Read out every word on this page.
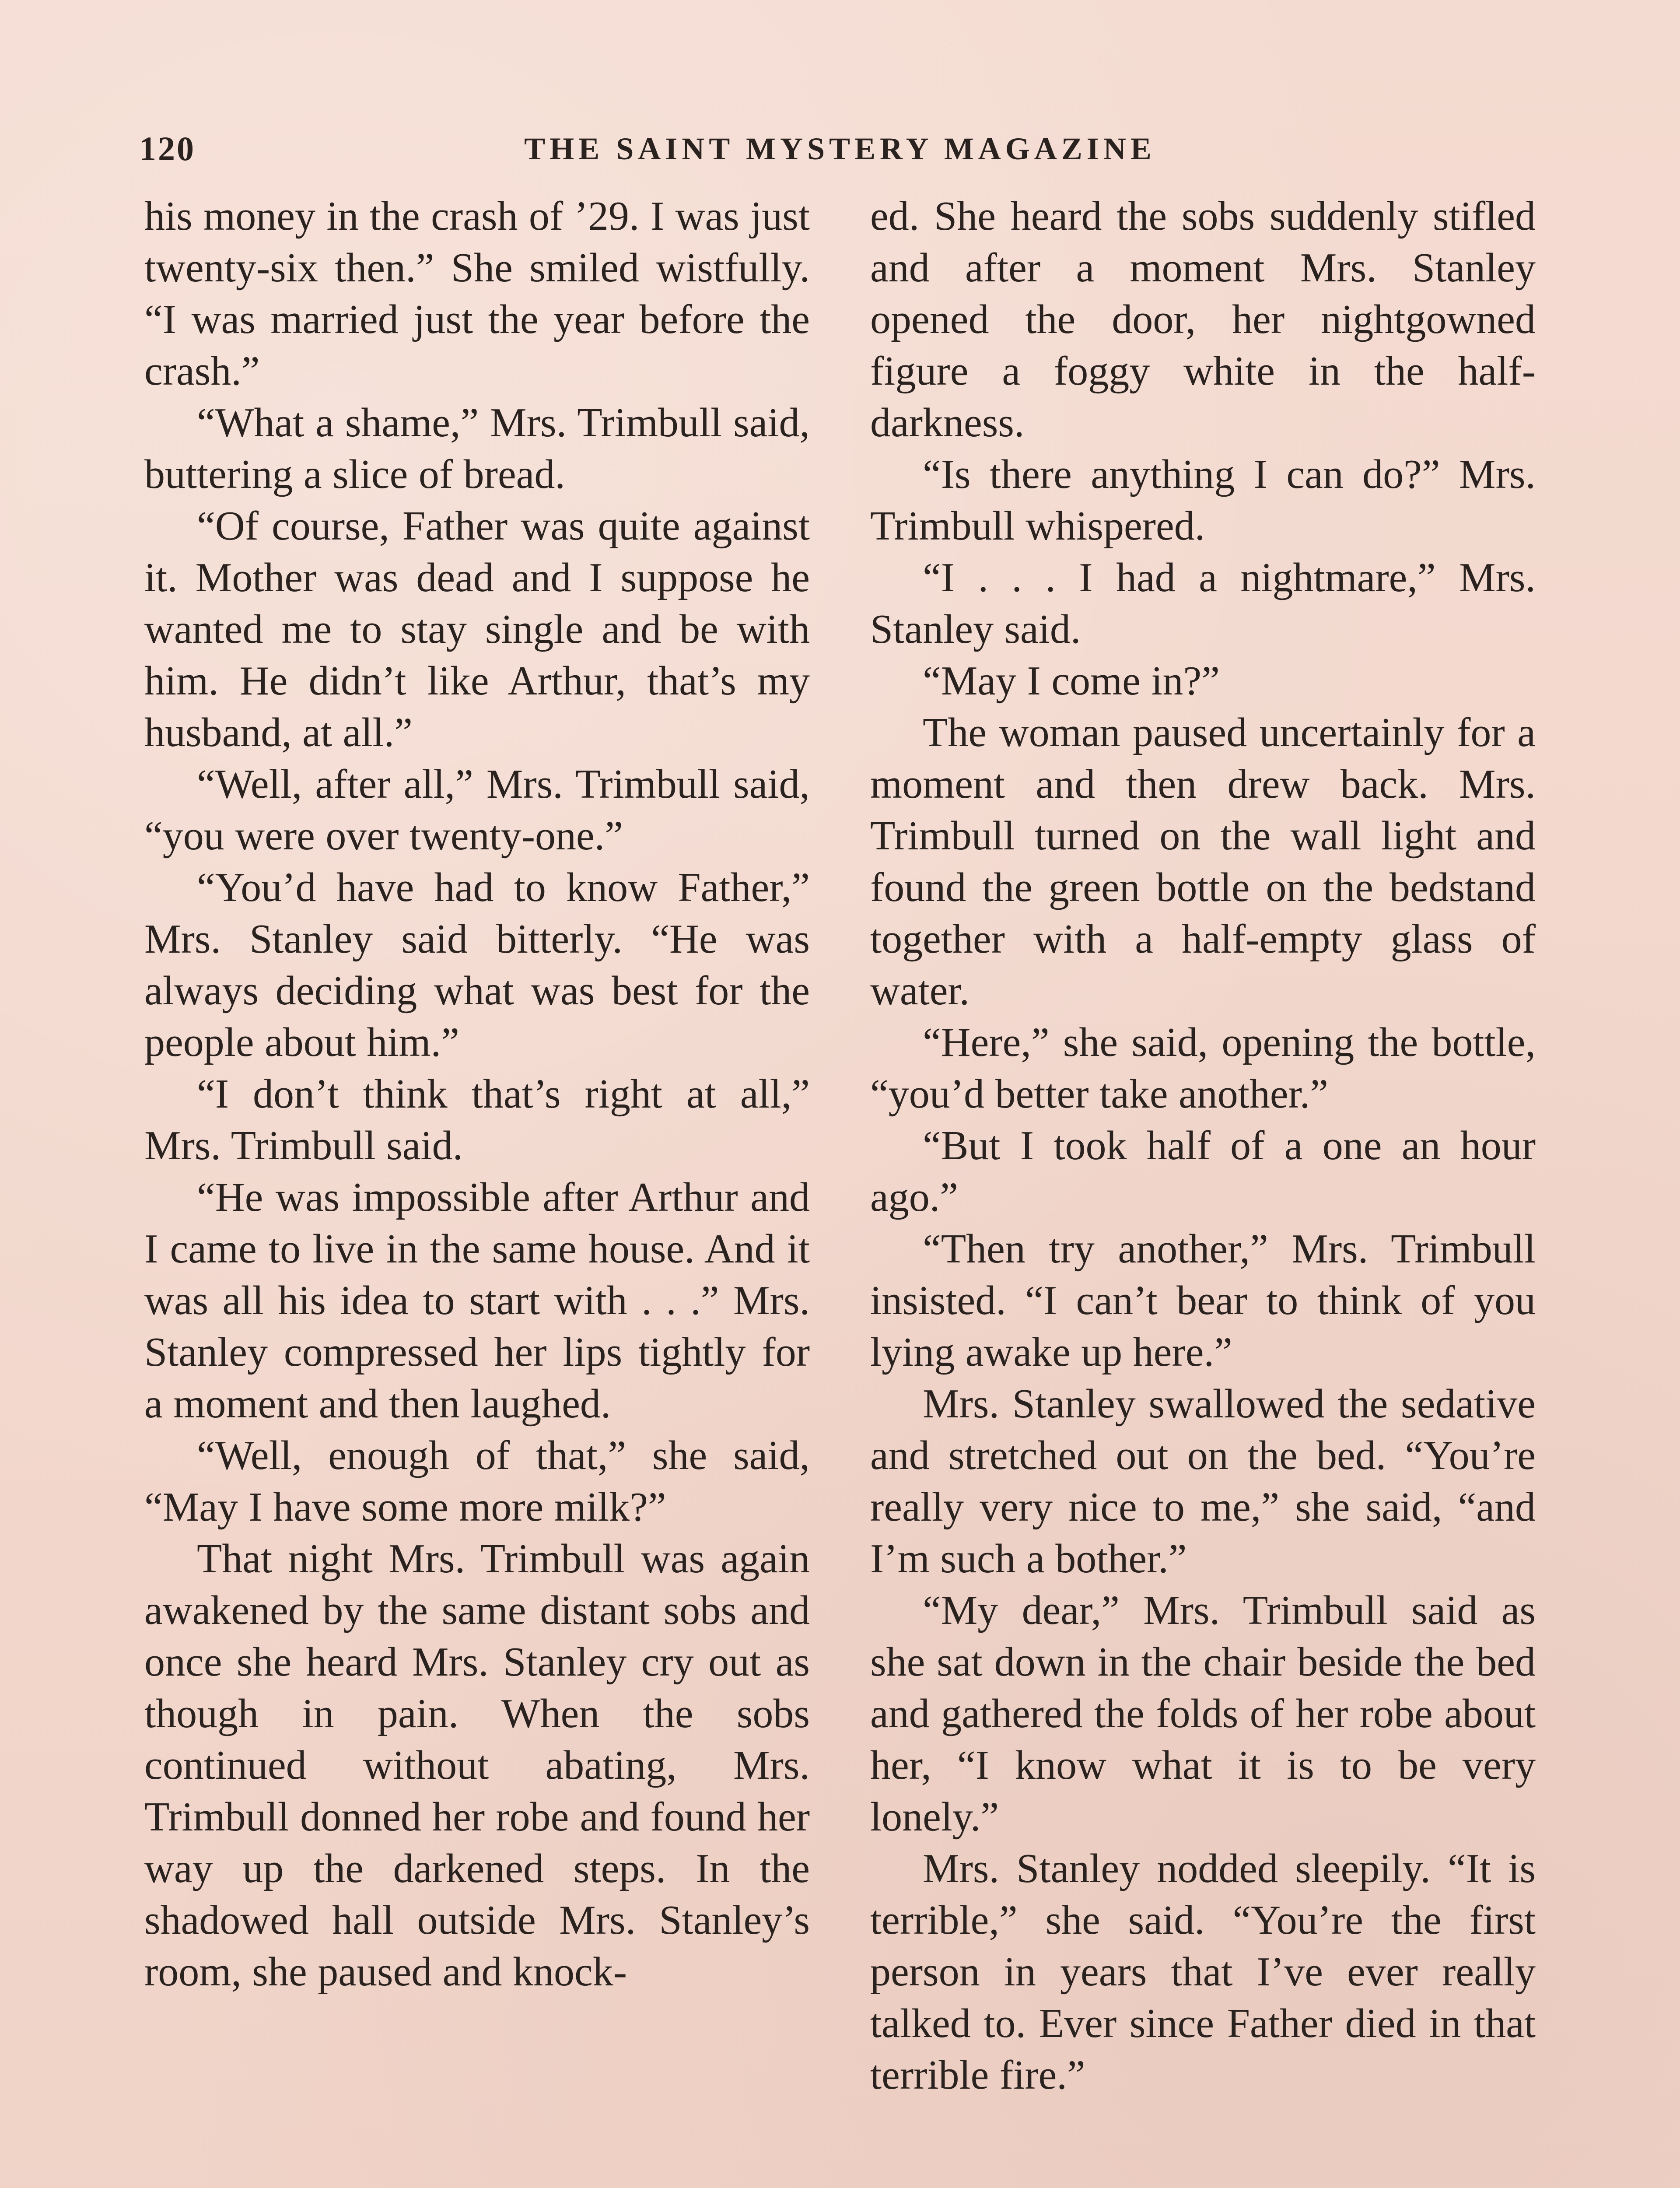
120	THE SAINT MYSTERY MAGAZINE

his money in the crash of ’29. I was just twenty-six then.” She smiled wistfully. “I was married just the year before the crash.”

“What a shame,” Mrs. Trimbull said, buttering a slice of bread.

“Of course, Father was quite against it. Mother was dead and I suppose he wanted me to stay single and be with him. He didn’t like Arthur, that’s my husband, at all.”

“Well, after all,” Mrs. Trimbull said, “you were over twenty-one.”

“You’d have had to know Father,” Mrs. Stanley said bitterly. “He was always deciding what was best for the people about him.”

“I don’t think that’s right at all,” Mrs. Trimbull said.

“He was impossible after Arthur and I came to live in the same house. And it was all his idea to start with . . .” Mrs. Stanley compressed her lips tightly for a moment and then laughed.

“Well, enough of that,” she said, “May I have some more milk?”

That night Mrs. Trimbull was again awakened by the same distant sobs and once she heard Mrs. Stanley cry out as though in pain. When the sobs continued without abating, Mrs. Trimbull donned her robe and found her way up the darkened steps. In the shadowed hall outside Mrs. Stanley’s room, she paused and knock-

ed. She heard the sobs suddenly stifled and after a moment Mrs. Stanley opened the door, her nightgowned figure a foggy white in the half-darkness.

“Is there anything I can do?” Mrs. Trimbull whispered.

“I . . . I had a nightmare,” Mrs. Stanley said.

“May I come in?”

The woman paused uncertainly for a moment and then drew back. Mrs. Trimbull turned on the wall light and found the green bottle on the bedstand together with a half-empty glass of water.

“Here,” she said, opening the bottle, “you’d better take another.”

“But I took half of a one an hour ago.”

“Then try another,” Mrs. Trimbull insisted. “I can’t bear to think of you lying awake up here.”

Mrs. Stanley swallowed the sedative and stretched out on the bed. “You’re really very nice to me,” she said, “and I’m such a bother.”

“My dear,” Mrs. Trimbull said as she sat down in the chair beside the bed and gathered the folds of her robe about her, “I know what it is to be very lonely.”

Mrs. Stanley nodded sleepily. “It is terrible,” she said. “You’re the first person in years that I’ve ever really talked to. Ever since Father died in that terrible fire.”
